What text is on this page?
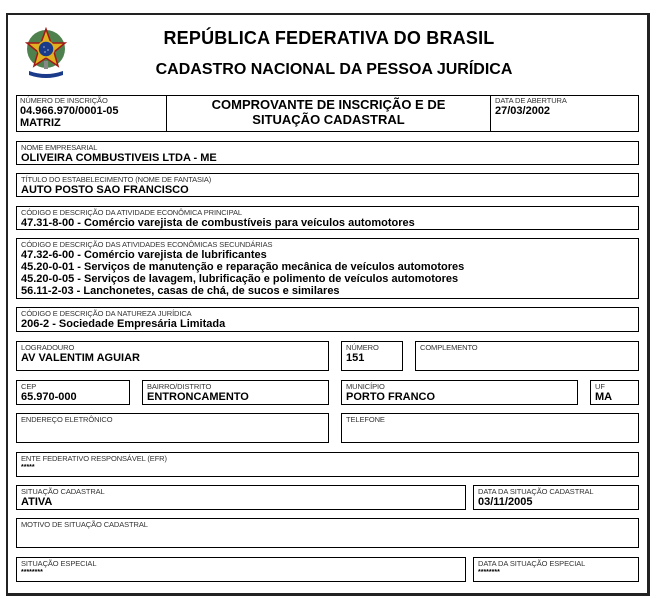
REPÚBLICA FEDERATIVA DO BRASIL
CADASTRO NACIONAL DA PESSOA JURÍDICA
NÚMERO DE INSCRIÇÃO
04.966.970/0001-05
MATRIZ
COMPROVANTE DE INSCRIÇÃO E DE
SITUAÇÃO CADASTRAL
DATA DE ABERTURA
27/03/2002
NOME EMPRESARIAL
OLIVEIRA COMBUSTIVEIS LTDA - ME
TÍTULO DO ESTABELECIMENTO (NOME DE FANTASIA)
AUTO POSTO SAO FRANCISCO
CÓDIGO E DESCRIÇÃO DA ATIVIDADE ECONÔMICA PRINCIPAL
47.31-8-00 - Comércio varejista de combustíveis para veículos automotores
CÓDIGO E DESCRIÇÃO DAS ATIVIDADES ECONÔMICAS SECUNDÁRIAS
47.32-6-00 - Comércio varejista de lubrificantes
45.20-0-01 - Serviços de manutenção e reparação mecânica de veículos automotores
45.20-0-05 - Serviços de lavagem, lubrificação e polimento de veículos automotores
56.11-2-03 - Lanchonetes, casas de chá, de sucos e similares
CÓDIGO E DESCRIÇÃO DA NATUREZA JURÍDICA
206-2 - Sociedade Empresária Limitada
LOGRADOURO
AV VALENTIM AGUIAR
NÚMERO
151
COMPLEMENTO
CEP
65.970-000
BAIRRO/DISTRITO
ENTRONCAMENTO
MUNICÍPIO
PORTO FRANCO
UF
MA
ENDEREÇO ELETRÔNICO	TELEFONE
ENTE FEDERATIVO RESPONSÁVEL (EFR)
*****
SITUAÇÃO CADASTRAL
ATIVA
DATA DA SITUAÇÃO CADASTRAL
03/11/2005
MOTIVO DE SITUAÇÃO CADASTRAL
SITUAÇÃO ESPECIAL
********
DATA DA SITUAÇÃO ESPECIAL
********
